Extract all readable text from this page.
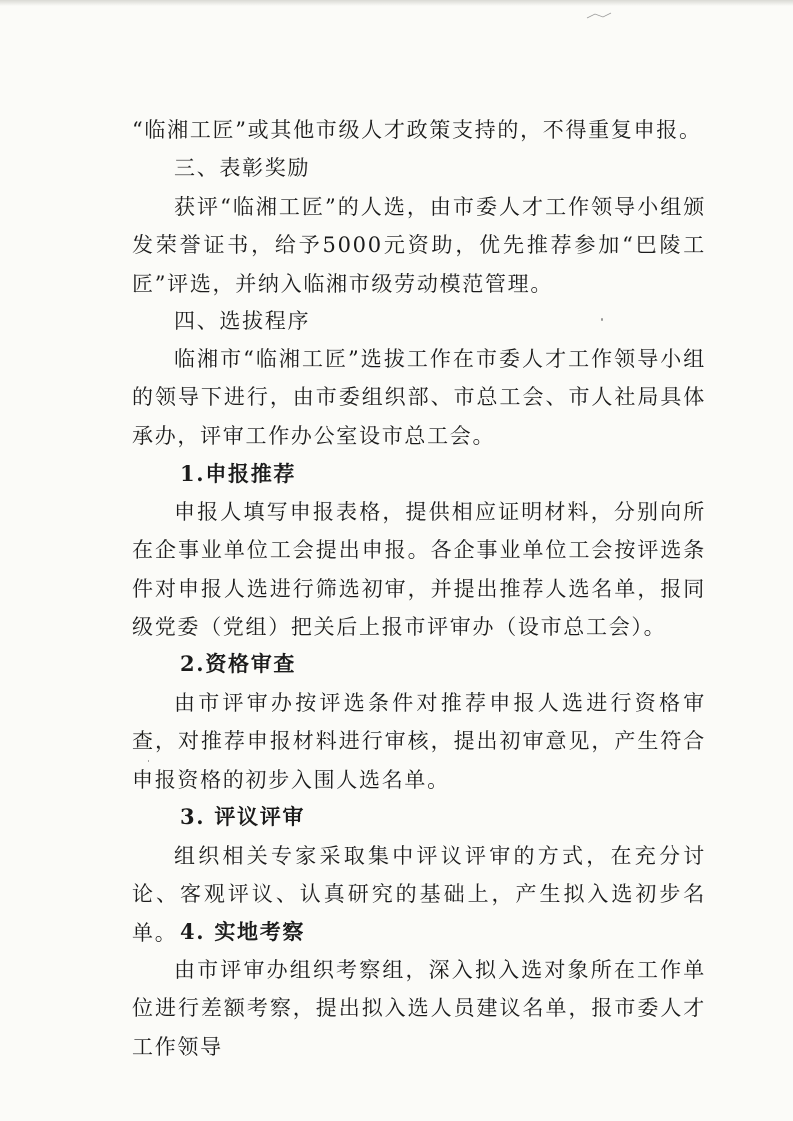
“临湘工匠”或其他市级人才政策支持的，不得重复申报。

三、表彰奖励

获评“临湘工匠”的人选，由市委人才工作领导小组颁发荣誉证书，给予5000元资助，优先推荐参加“巴陵工匠”评选，并纳入临湘市级劳动模范管理。

四、选拔程序

临湘市“临湘工匠”选拔工作在市委人才工作领导小组的领导下进行，由市委组织部、市总工会、市人社局具体承办，评审工作办公室设市总工会。

1.申报推荐

申报人填写申报表格，提供相应证明材料，分别向所在企事业单位工会提出申报。各企事业单位工会按评选条件对申报人选进行筛选初审，并提出推荐人选名单，报同级党委（党组）把关后上报市评审办（设市总工会）。

2.资格审查

由市评审办按评选条件对推荐申报人选进行资格审查，对推荐申报材料进行审核，提出初审意见，产生符合申报资格的初步入围人选名单。

3. 评议评审

组织相关专家采取集中评议评审的方式，在充分讨论、客观评议、认真研究的基础上，产生拟入选初步名单。 4. 实地考察

由市评审办组织考察组，深入拟入选对象所在工作单位进行差额考察，提出拟入选人员建议名单，报市委人才工作领导
